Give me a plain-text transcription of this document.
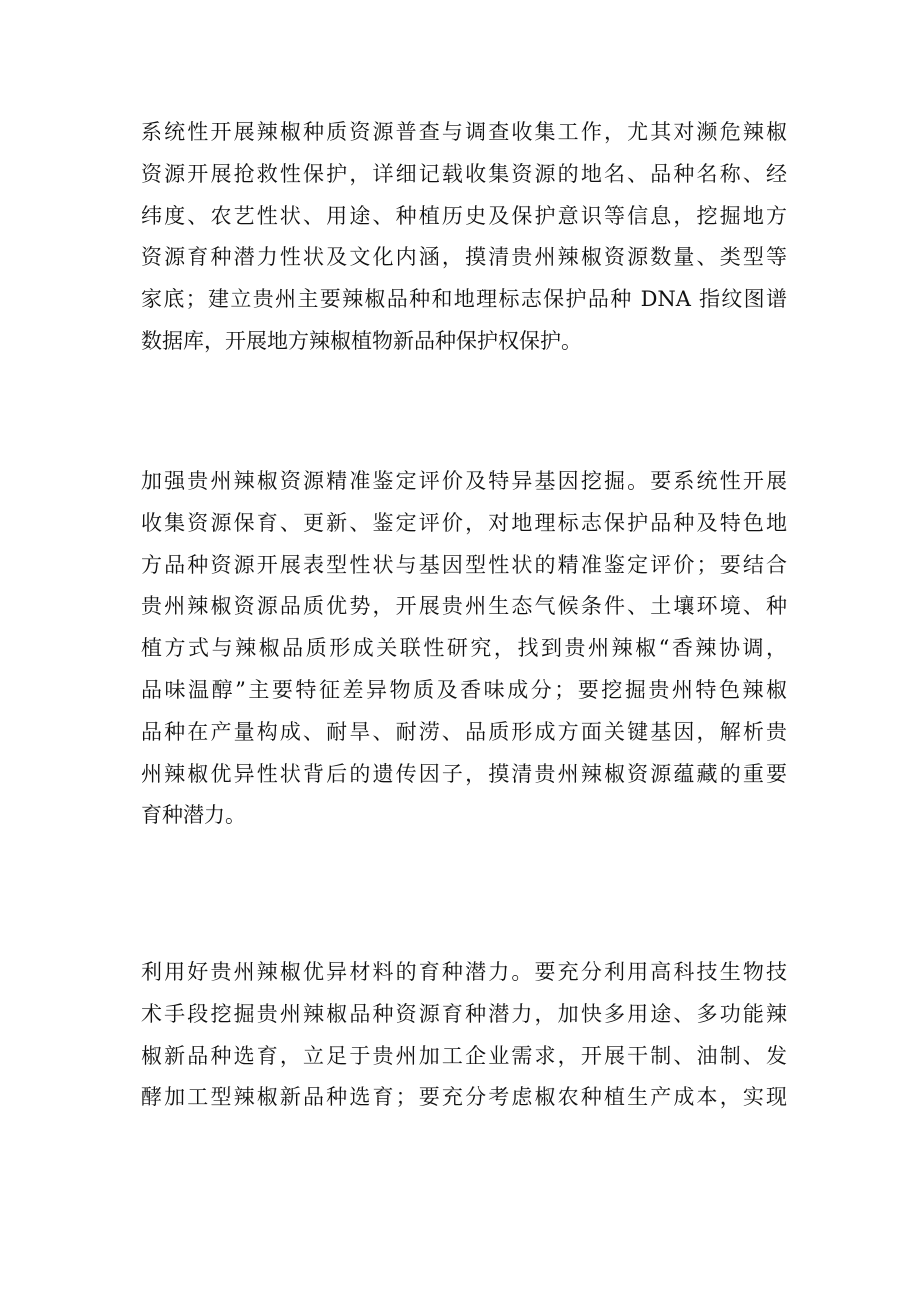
系统性开展辣椒种质资源普查与调查收集工作，尤其对濒危辣椒
资源开展抢救性保护，详细记载收集资源的地名、品种名称、经
纬度、农艺性状、用途、种植历史及保护意识等信息，挖掘地方
资源育种潜力性状及文化内涵，摸清贵州辣椒资源数量、类型等
家底；建立贵州主要辣椒品种和地理标志保护品种 DNA 指纹图谱
数据库，开展地方辣椒植物新品种保护权保护。
加强贵州辣椒资源精准鉴定评价及特异基因挖掘。要系统性开展
收集资源保育、更新、鉴定评价，对地理标志保护品种及特色地
方品种资源开展表型性状与基因型性状的精准鉴定评价；要结合
贵州辣椒资源品质优势，开展贵州生态气候条件、土壤环境、种
植方式与辣椒品质形成关联性研究，找到贵州辣椒“香辣协调，
品味温醇”主要特征差异物质及香味成分；要挖掘贵州特色辣椒
品种在产量构成、耐旱、耐涝、品质形成方面关键基因，解析贵
州辣椒优异性状背后的遗传因子，摸清贵州辣椒资源蕴藏的重要
育种潜力。
利用好贵州辣椒优异材料的育种潜力。要充分利用高科技生物技
术手段挖掘贵州辣椒品种资源育种潜力，加快多用途、多功能辣
椒新品种选育，立足于贵州加工企业需求，开展干制、油制、发
酵加工型辣椒新品种选育；要充分考虑椒农种植生产成本，实现
